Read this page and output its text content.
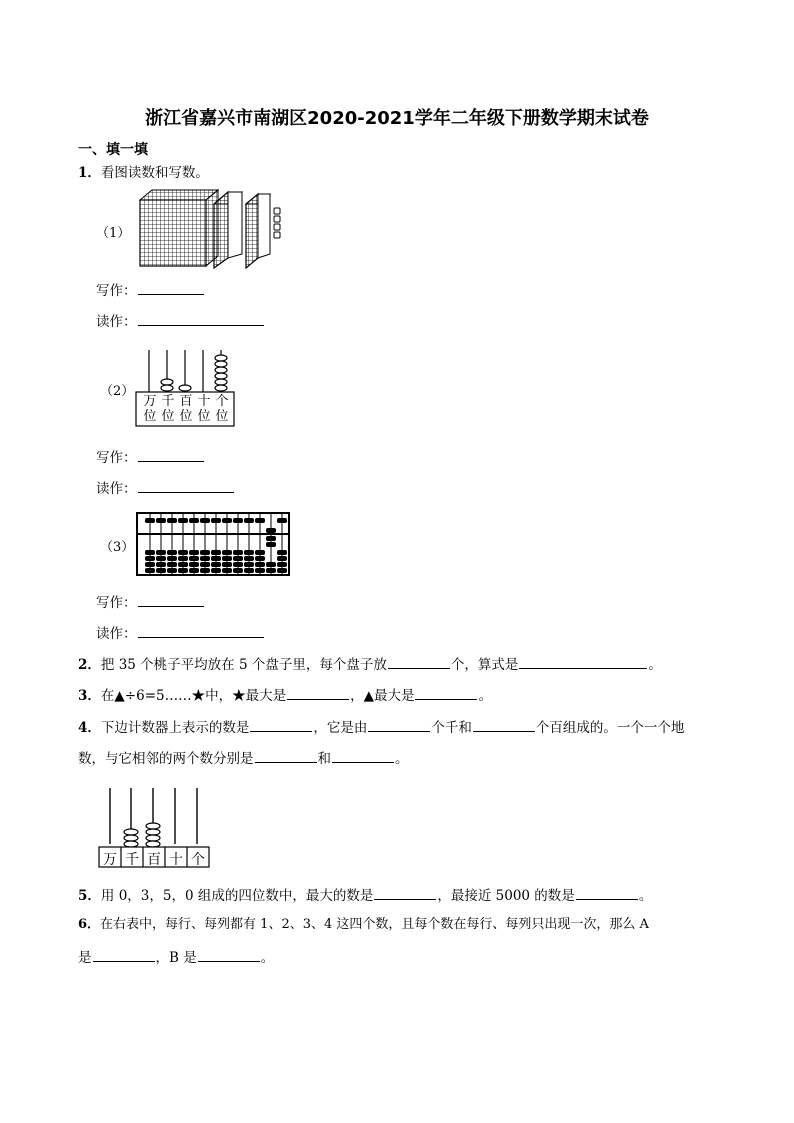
浙江省嘉兴市南湖区2020-2021学年二年级下册数学期末试卷
一、填一填
1．看图读数和写数。
（1）
写作：
读作：
（2）
万
位
千
位
百
位
十
位
个
位
写作：
读作：
（3）
写作：
读作：
2．把 35 个桃子平均放在 5 个盘子里，每个盘子放	个，算式是	。
3．在▲÷6=5……★中，★最大是	，▲最大是	。
4．下边计数器上表示的数是	，它是由	个千和	个百组成的。一个一个地
数，与它相邻的两个数分别是	和	。
万 千 百 十 个
5．用 0，3，5，0 组成的四位数中，最大的数是	，最接近 5000 的数是	。
6．在右表中，每行、每列都有 1、2、3、4 这四个数，且每个数在每行、每列只出现一次，那么 A
是	，B 是	。
